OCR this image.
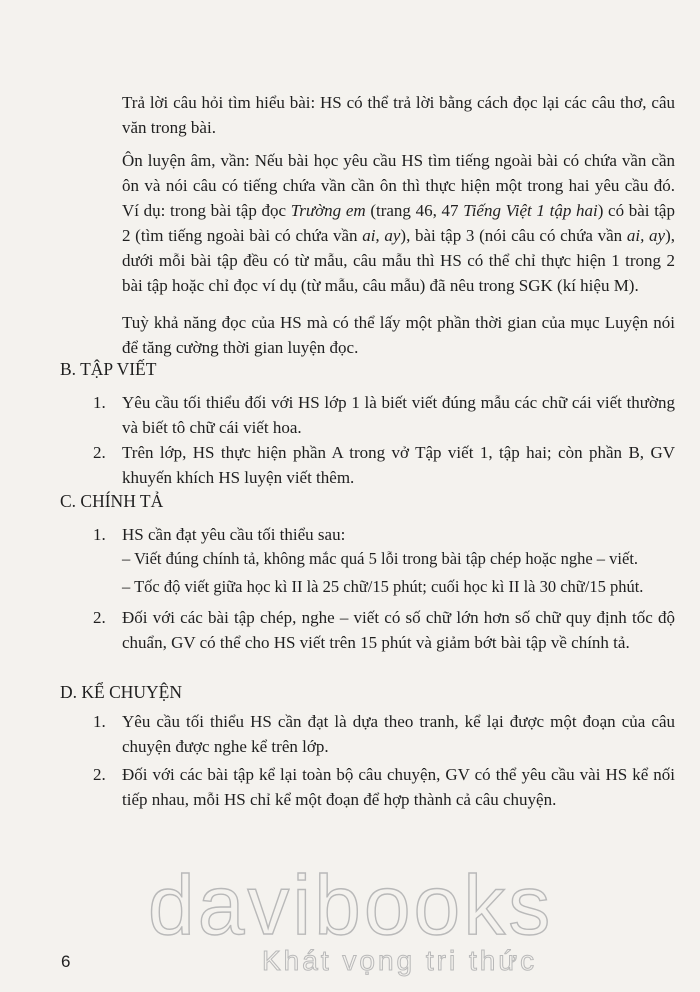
Trả lời câu hỏi tìm hiểu bài: HS có thể trả lời bằng cách đọc lại các câu thơ, câu văn trong bài.

Ôn luyện âm, vần: Nếu bài học yêu cầu HS tìm tiếng ngoài bài có chứa vần cần ôn và nói câu có tiếng chứa vần cần ôn thì thực hiện một trong hai yêu cầu đó. Ví dụ: trong bài tập đọc Trường em (trang 46, 47 Tiếng Việt 1 tập hai) có bài tập 2 (tìm tiếng ngoài bài có chứa vần ai, ay), bài tập 3 (nói câu có chứa vần ai, ay), dưới mỗi bài tập đều có từ mẫu, câu mẫu thì HS có thể chỉ thực hiện 1 trong 2 bài tập hoặc chỉ đọc ví dụ (từ mẫu, câu mẫu) đã nêu trong SGK (kí hiệu M).

Tuỳ khả năng đọc của HS mà có thể lấy một phần thời gian của mục Luyện nói để tăng cường thời gian luyện đọc.

B. TẬP VIẾT

1. Yêu cầu tối thiểu đối với HS lớp 1 là biết viết đúng mẫu các chữ cái viết thường và biết tô chữ cái viết hoa.

2. Trên lớp, HS thực hiện phần A trong vở Tập viết 1, tập hai; còn phần B, GV khuyến khích HS luyện viết thêm.

C. CHÍNH TẢ

1. HS cần đạt yêu cầu tối thiểu sau:

– Viết đúng chính tả, không mắc quá 5 lỗi trong bài tập chép hoặc nghe – viết.
– Tốc độ viết giữa học kì II là 25 chữ/15 phút; cuối học kì II là 30 chữ/15 phút.
2. Đối với các bài tập chép, nghe – viết có số chữ lớn hơn số chữ quy định tốc độ chuẩn, GV có thể cho HS viết trên 15 phút và giảm bớt bài tập về chính tả.

D. KỂ CHUYỆN

1. Yêu cầu tối thiểu HS cần đạt là dựa theo tranh, kể lại được một đoạn của câu chuyện được nghe kể trên lớp.

2. Đối với các bài tập kể lại toàn bộ câu chuyện, GV có thể yêu cầu vài HS kể nối tiếp nhau, mỗi HS chỉ kể một đoạn để hợp thành cả câu chuyện.

davibooks
Khát vọng tri thức
6
